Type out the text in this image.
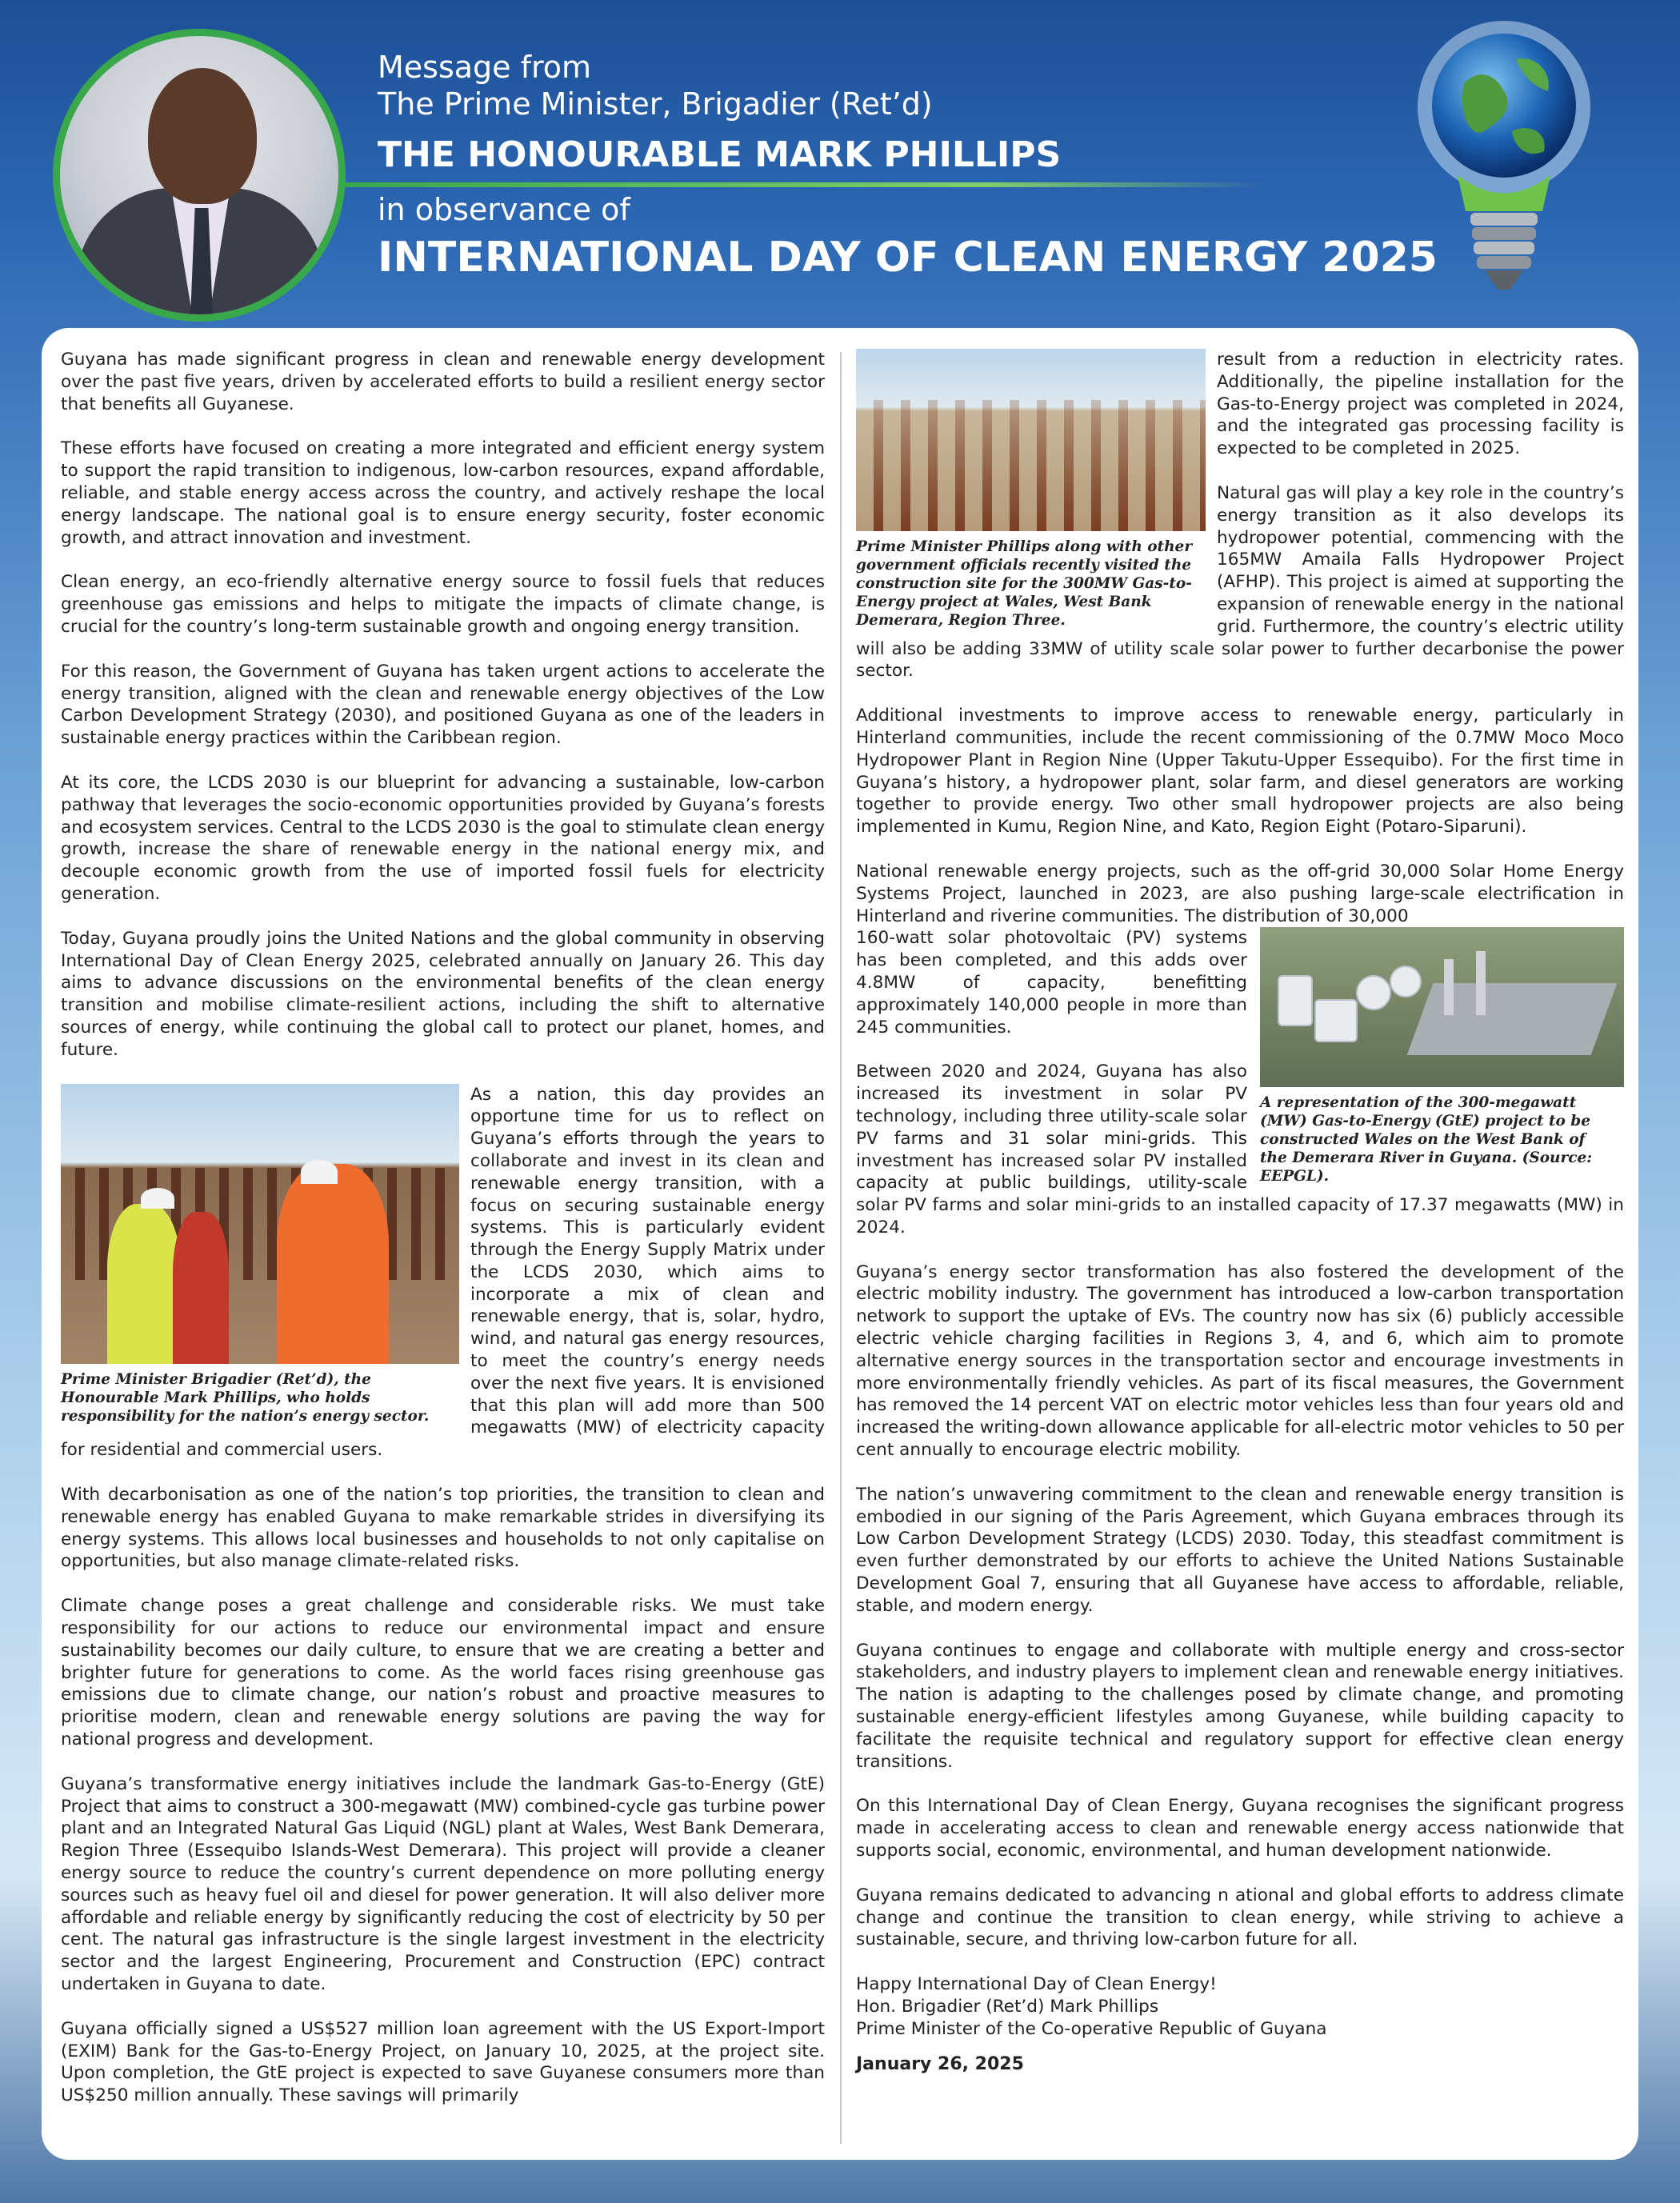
Message from
The Prime Minister, Brigadier (Ret’d)
THE HONOURABLE MARK PHILLIPS
in observance of
INTERNATIONAL DAY OF CLEAN ENERGY 2025

Guyana has made significant progress in clean and renewable energy development over the past five years, driven by accelerated efforts to build a resilient energy sector that benefits all Guyanese.

These efforts have focused on creating a more integrated and efficient energy system to support the rapid transition to indigenous, low-carbon resources, expand affordable, reliable, and stable energy access across the country, and actively reshape the local energy landscape. The national goal is to ensure energy security, foster economic growth, and attract innovation and investment.

Clean energy, an eco-friendly alternative energy source to fossil fuels that reduces greenhouse gas emissions and helps to mitigate the impacts of climate change, is crucial for the country’s long-term sustainable growth and ongoing energy transition.

For this reason, the Government of Guyana has taken urgent actions to accelerate the energy transition, aligned with the clean and renewable energy objectives of the Low Carbon Development Strategy (2030), and positioned Guyana as one of the leaders in sustainable energy practices within the Caribbean region.

At its core, the LCDS 2030 is our blueprint for advancing a sustainable, low-carbon pathway that leverages the socio-economic opportunities provided by Guyana’s forests and ecosystem services. Central to the LCDS 2030 is the goal to stimulate clean energy growth, increase the share of renewable energy in the national energy mix, and decouple economic growth from the use of imported fossil fuels for electricity generation.

Today, Guyana proudly joins the United Nations and the global community in observing International Day of Clean Energy 2025, celebrated annually on January 26. This day aims to advance discussions on the environmental benefits of the clean energy transition and mobilise climate-resilient actions, including the shift to alternative sources of energy, while continuing the global call to protect our planet, homes, and future.

Prime Minister Brigadier (Ret’d), the Honourable Mark Phillips, who holds responsibility for the nation’s energy sector.

As a nation, this day provides an opportune time for us to reflect on Guyana’s efforts through the years to collaborate and invest in its clean and renewable energy transition, with a focus on securing sustainable energy systems. This is particularly evident through the Energy Supply Matrix under the LCDS 2030, which aims to incorporate a mix of clean and renewable energy, that is, solar, hydro, wind, and natural gas energy resources, to meet the country’s energy needs over the next five years. It is envisioned that this plan will add more than 500 megawatts (MW) of electricity capacity for residential and commercial users.

With decarbonisation as one of the nation’s top priorities, the transition to clean and renewable energy has enabled Guyana to make remarkable strides in diversifying its energy systems. This allows local businesses and households to not only capitalise on opportunities, but also manage climate-related risks.

Climate change poses a great challenge and considerable risks. We must take responsibility for our actions to reduce our environmental impact and ensure sustainability becomes our daily culture, to ensure that we are creating a better and brighter future for generations to come. As the world faces rising greenhouse gas emissions due to climate change, our nation’s robust and proactive measures to prioritise modern, clean and renewable energy solutions are paving the way for national progress and development.

Guyana’s transformative energy initiatives include the landmark Gas-to-Energy (GtE) Project that aims to construct a 300-megawatt (MW) combined-cycle gas turbine power plant and an Integrated Natural Gas Liquid (NGL) plant at Wales, West Bank Demerara, Region Three (Essequibo Islands-West Demerara). This project will provide a cleaner energy source to reduce the country’s current dependence on more polluting energy sources such as heavy fuel oil and diesel for power generation. It will also deliver more affordable and reliable energy by significantly reducing the cost of electricity by 50 per cent. The natural gas infrastructure is the single largest investment in the electricity sector and the largest Engineering, Procurement and Construction (EPC) contract undertaken in Guyana to date.

Guyana officially signed a US$527 million loan agreement with the US Export-Import (EXIM) Bank for the Gas-to-Energy Project, on January 10, 2025, at the project site. Upon completion, the GtE project is expected to save Guyanese consumers more than US$250 million annually. These savings will primarily

Prime Minister Phillips along with other government officials recently visited the construction site for the 300MW Gas-to-Energy project at Wales, West Bank Demerara, Region Three.

result from a reduction in electricity rates. Additionally, the pipeline installation for the Gas-to-Energy project was completed in 2024, and the integrated gas processing facility is expected to be completed in 2025.

Natural gas will play a key role in the country’s energy transition as it also develops its hydropower potential, commencing with the 165MW Amaila Falls Hydropower Project (AFHP). This project is aimed at supporting the expansion of renewable energy in the national grid. Furthermore, the country’s electric utility will also be adding 33MW of utility scale solar power to further decarbonise the power sector.

Additional investments to improve access to renewable energy, particularly in Hinterland communities, include the recent commissioning of the 0.7MW Moco Moco Hydropower Plant in Region Nine (Upper Takutu-Upper Essequibo). For the first time in Guyana’s history, a hydropower plant, solar farm, and diesel generators are working together to provide energy. Two other small hydropower projects are also being implemented in Kumu, Region Nine, and Kato, Region Eight (Potaro-Siparuni).

National renewable energy projects, such as the off-grid 30,000 Solar Home Energy Systems Project, launched in 2023, are also pushing large-scale electrification in Hinterland and riverine communities. The distribution of 30,000

A representation of the 300-megawatt (MW) Gas-to-Energy (GtE) project to be constructed Wales on the West Bank of the Demerara River in Guyana. (Source: EEPGL).

160-watt solar photovoltaic (PV) systems has been completed, and this adds over 4.8MW of capacity, benefitting approximately 140,000 people in more than 245 communities.

Between 2020 and 2024, Guyana has also increased its investment in solar PV technology, including three utility-scale solar PV farms and 31 solar mini-grids. This investment has increased solar PV installed capacity at public buildings, utility-scale solar PV farms and solar mini-grids to an installed capacity of 17.37 megawatts (MW) in 2024.

Guyana’s energy sector transformation has also fostered the development of the electric mobility industry. The government has introduced a low-carbon transportation network to support the uptake of EVs. The country now has six (6) publicly accessible electric vehicle charging facilities in Regions 3, 4, and 6, which aim to promote alternative energy sources in the transportation sector and encourage investments in more environmentally friendly vehicles. As part of its fiscal measures, the Government has removed the 14 percent VAT on electric motor vehicles less than four years old and increased the writing-down allowance applicable for all-electric motor vehicles to 50 per cent annually to encourage electric mobility.

The nation’s unwavering commitment to the clean and renewable energy transition is embodied in our signing of the Paris Agreement, which Guyana embraces through its Low Carbon Development Strategy (LCDS) 2030. Today, this steadfast commitment is even further demonstrated by our efforts to achieve the United Nations Sustainable Development Goal 7, ensuring that all Guyanese have access to affordable, reliable, stable, and modern energy.

Guyana continues to engage and collaborate with multiple energy and cross-sector stakeholders, and industry players to implement clean and renewable energy initiatives. The nation is adapting to the challenges posed by climate change, and promoting sustainable energy-efficient lifestyles among Guyanese, while building capacity to facilitate the requisite technical and regulatory support for effective clean energy transitions.

On this International Day of Clean Energy, Guyana recognises the significant progress made in accelerating access to clean and renewable energy access nationwide that supports social, economic, environmental, and human development nationwide.

Guyana remains dedicated to advancing n ational and global efforts to address climate change and continue the transition to clean energy, while striving to achieve a sustainable, secure, and thriving low-carbon future for all.

Happy International Day of Clean Energy!
Hon. Brigadier (Ret’d) Mark Phillips
Prime Minister of the Co-operative Republic of Guyana
January 26, 2025
